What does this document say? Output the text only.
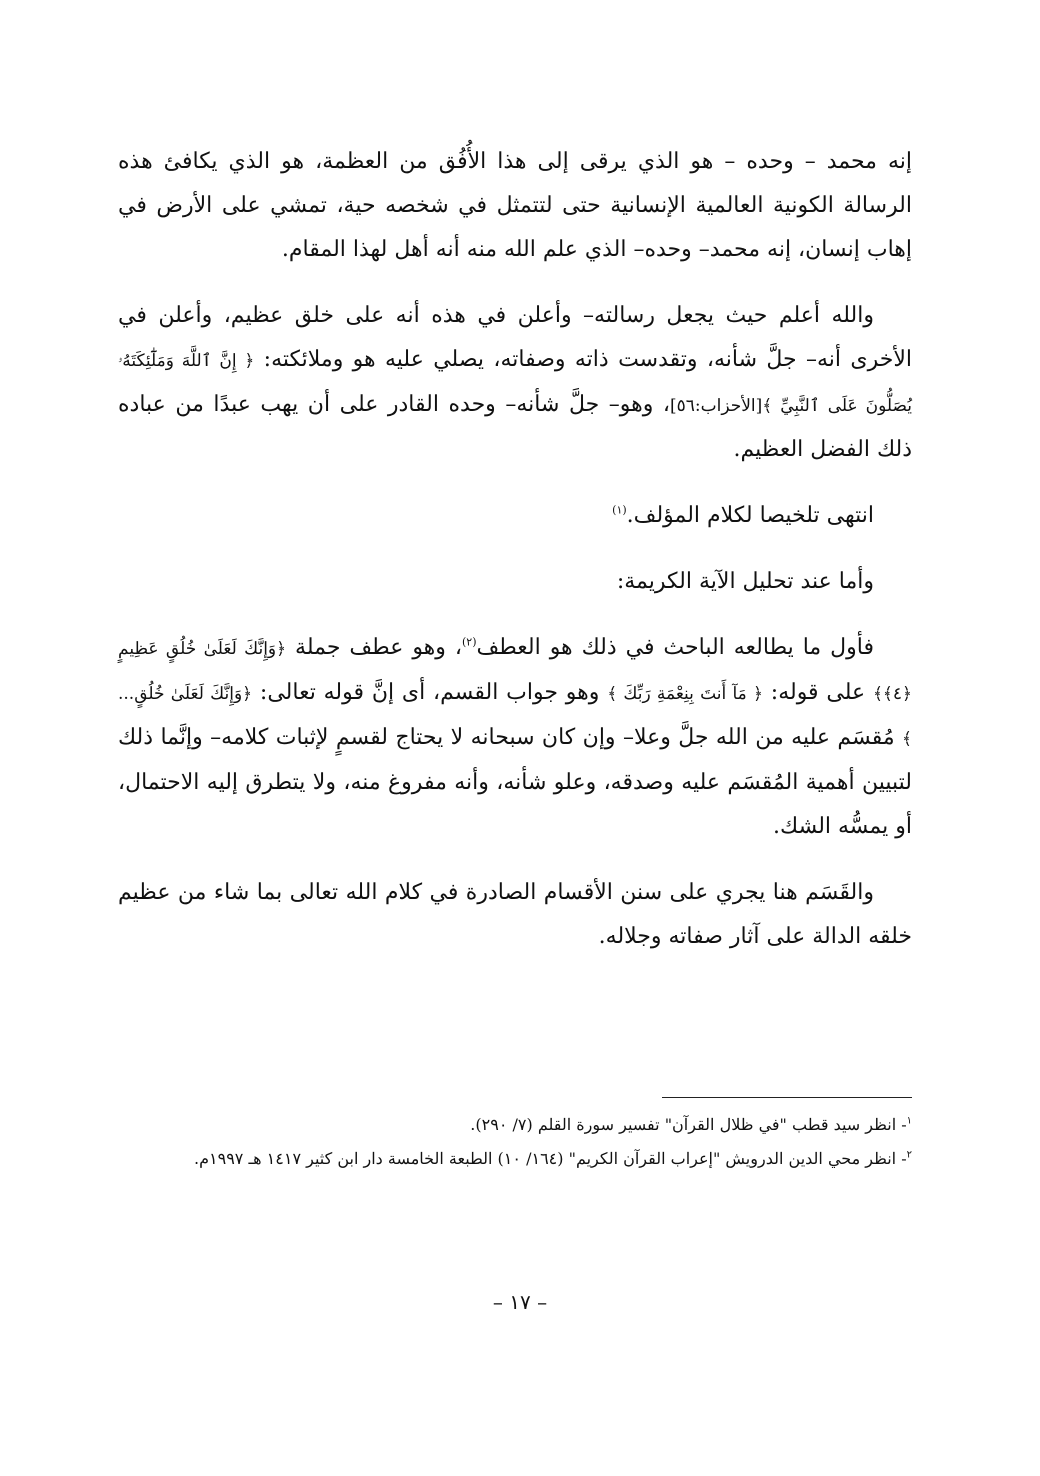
إنه محمد – وحده – هو الذي يرقى إلى هذا الأُفُق من العظمة، هو الذي يكافئ هذه الرسالة الكونية العالمية الإنسانية حتى لتتمثل في شخصه حية، تمشي على الأرض في إهاب إنسان، إنه محمد– وحده– الذي علم الله منه أنه أهل لهذا المقام.

والله أعلم حيث يجعل رسالته– وأعلن في هذه أنه على خلق عظيم، وأعلن في الأخرى أنه– جلَّ شأنه، وتقدست ذاته وصفاته، يصلي عليه هو وملائكته: ﴿ إِنَّ ٱللَّهَ وَمَلَٰٓئِكَتَهُۥ يُصَلُّونَ عَلَى ٱلنَّبِيِّ ﴾[الأحزاب:٥٦]، وهو– جلَّ شأنه– وحده القادر على أن يهب عبدًا من عباده ذلك الفضل العظيم.

انتهى تلخيصا لكلام المؤلف.$^{(١)}$

وأما عند تحليل الآية الكريمة:

فأول ما يطالعه الباحث في ذلك هو العطف$^{(٢)}$، وهو عطف جملة ﴿وَإِنَّكَ لَعَلَىٰ خُلُقٍ عَظِيمٍ ﴿٤﴾﴾ على قوله: ﴿ مَآ أَنتَ بِنِعْمَةِ رَبِّكَ ﴾ وهو جواب القسم، أى إنَّ قوله تعالى: ﴿وَإِنَّكَ لَعَلَىٰ خُلُقٍ... ﴾ مُقسَم عليه من الله جلَّ وعلا– وإن كان سبحانه لا يحتاج لقسمٍ لإثبات كلامه– وإنَّما ذلك لتبيين أهمية المُقسَم عليه وصدقه، وعلو شأنه، وأنه مفروغ منه، ولا يتطرق إليه الاحتمال، أو يمسُّه الشك.

والقَسَم هنا يجري على سنن الأقسام الصادرة في كلام الله تعالى بما شاء من عظيم خلقه الدالة على آثار صفاته وجلاله.

$^١$- انظر سيد قطب "في ظلال القرآن" تفسير سورة القلم (٧/ ٢٩٠).

$^٢$- انظر محي الدين الدرويش "إعراب القرآن الكريم" (١٦٤/ ١٠) الطبعة الخامسة دار ابن كثير ١٤١٧ هـ ١٩٩٧م.

– ١٧ –
